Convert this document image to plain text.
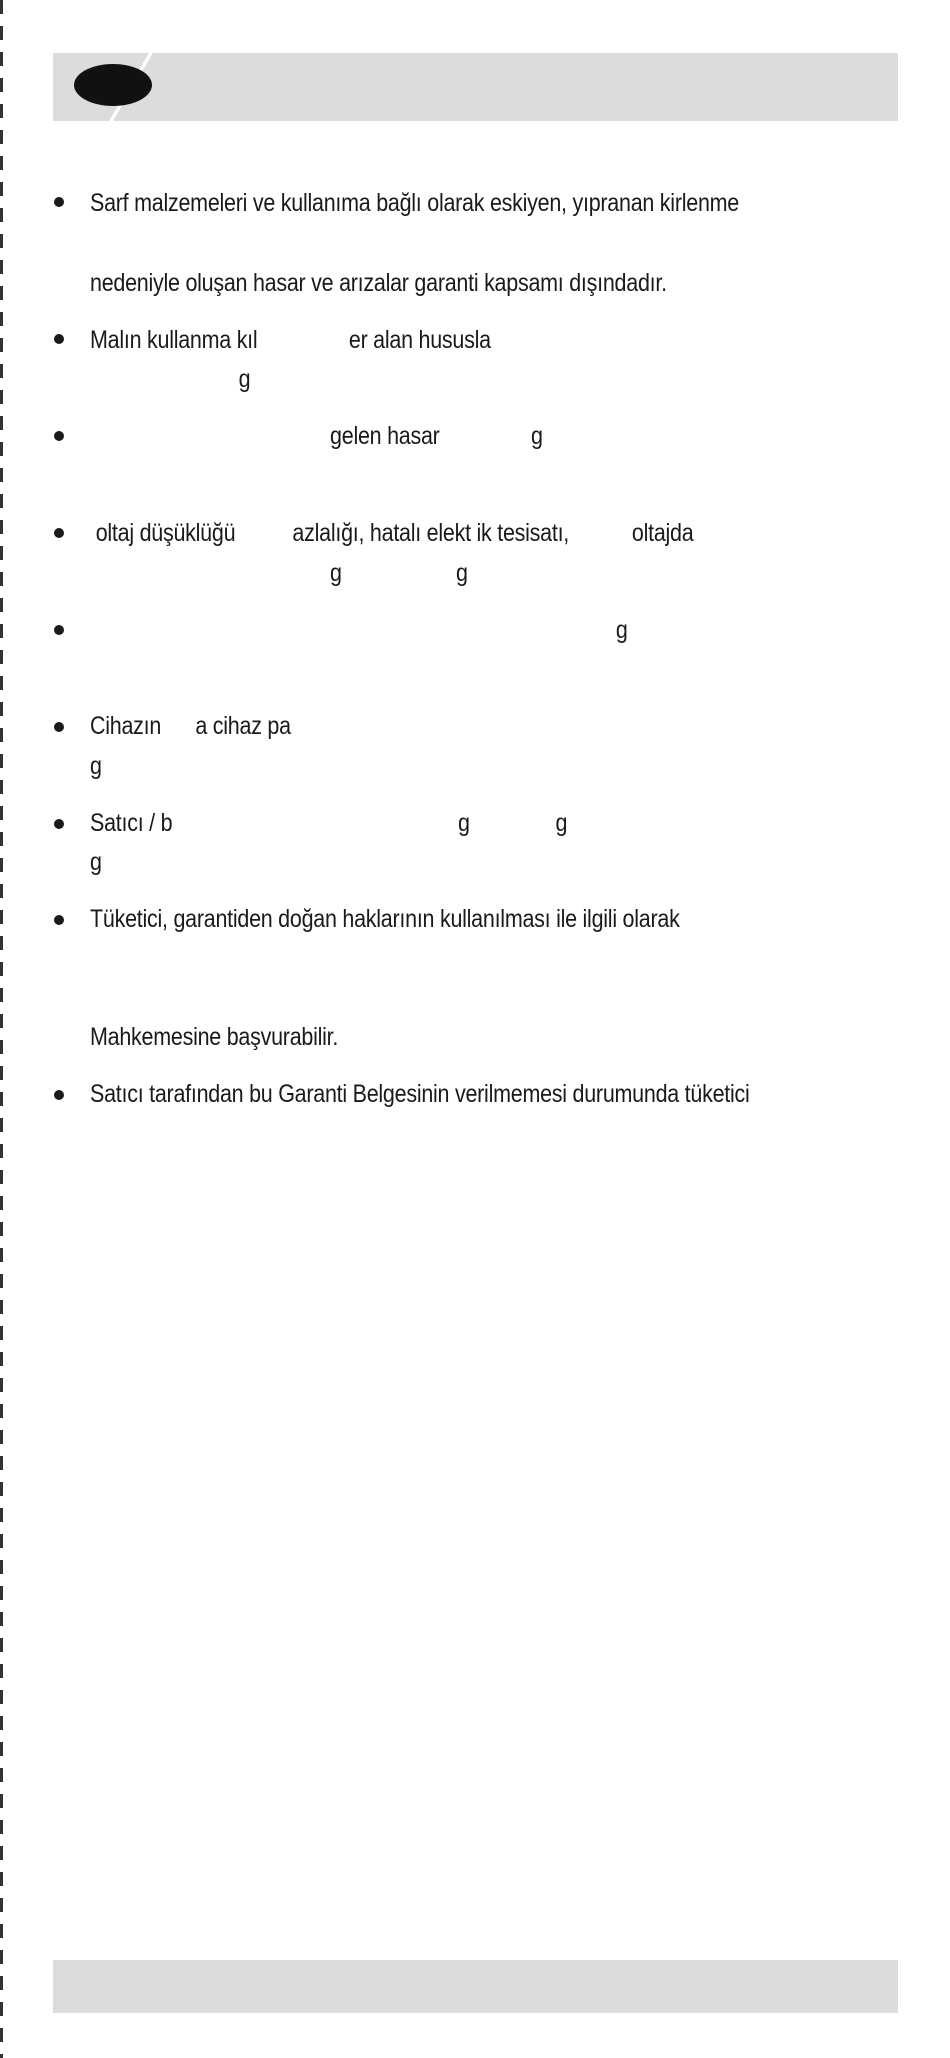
Sarf malzemeleri ve kullanıma bağlı olarak eskiyen, yıpranan kirlenme
nedeniyle oluşan hasar ve arızalar garanti kapsamı dışındadır.
Malın kullanma kıl                er alan hususla
g
gelen hasar                g
oltaj düşüklüğü          azlalığı, hatalı elekt ik tesisatı,           oltajda
g                    g
g
Cihazın      a cihaz pa
g
Satıcı / b                                                  g               g
g
Tüketici, garantiden doğan haklarının kullanılması ile ilgili olarak
Mahkemesine başvurabilir.
Satıcı tarafından bu Garanti Belgesinin verilmemesi durumunda tüketici
